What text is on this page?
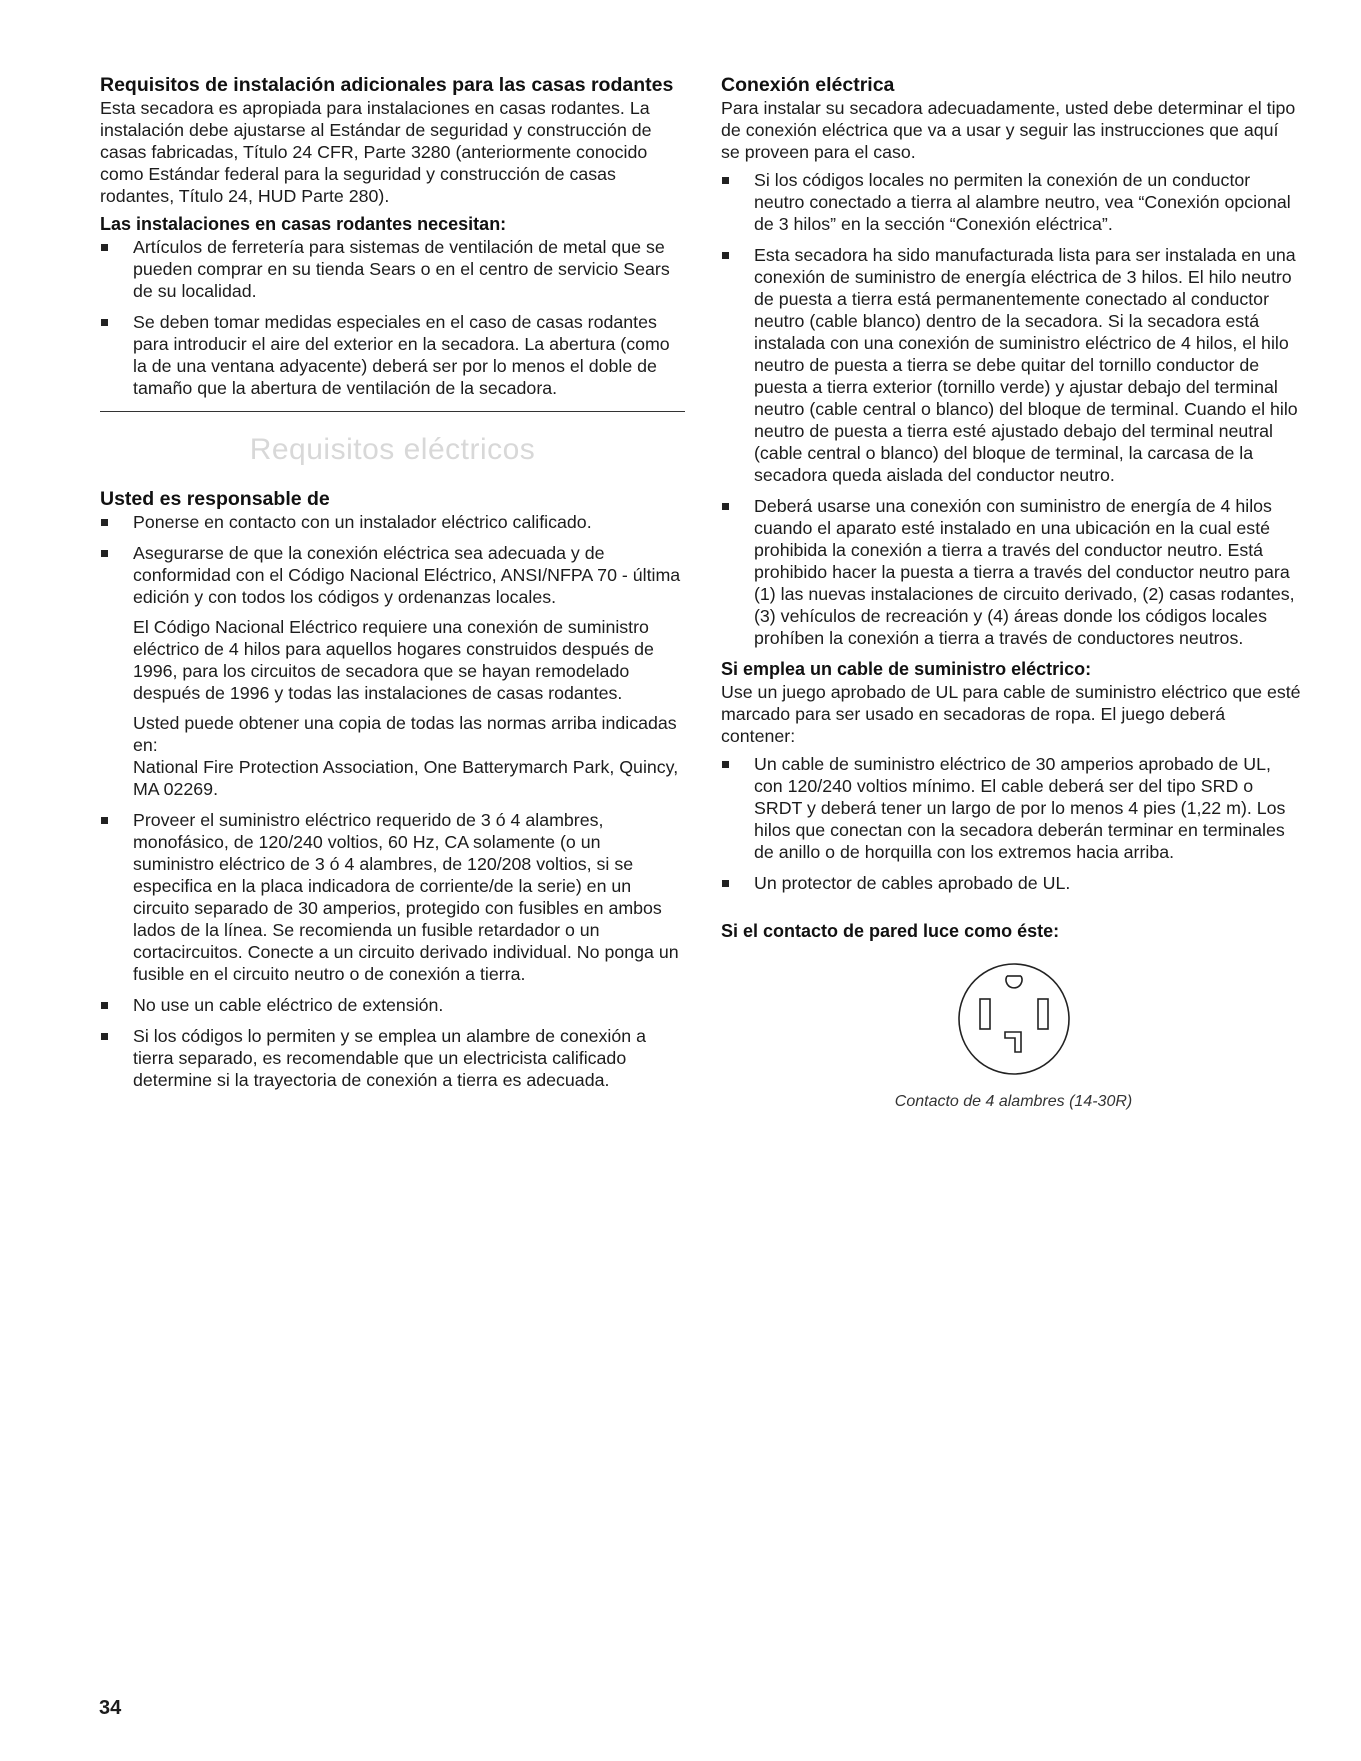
Requisitos de instalación adicionales para las casas rodantes

Esta secadora es apropiada para instalaciones en casas rodantes. La instalación debe ajustarse al Estándar de seguridad y construcción de casas fabricadas, Título 24 CFR, Parte 3280 (anteriormente conocido como Estándar federal para la seguridad y construcción de casas rodantes, Título 24, HUD Parte 280).

Las instalaciones en casas rodantes necesitan:
Artículos de ferretería para sistemas de ventilación de metal que se pueden comprar en su tienda Sears o en el centro de servicio Sears de su localidad.
Se deben tomar medidas especiales en el caso de casas rodantes para introducir el aire del exterior en la secadora. La abertura (como la de una ventana adyacente) deberá ser por lo menos el doble de tamaño que la abertura de ventilación de la secadora.
Requisitos eléctricos
Usted es responsable de
Ponerse en contacto con un instalador eléctrico calificado.
Asegurarse de que la conexión eléctrica sea adecuada y de conformidad con el Código Nacional Eléctrico, ANSI/NFPA 70 - última edición y con todos los códigos y ordenanzas locales.

El Código Nacional Eléctrico requiere una conexión de suministro eléctrico de 4 hilos para aquellos hogares construidos después de 1996, para los circuitos de secadora que se hayan remodelado después de 1996 y todas las instalaciones de casas rodantes.

Usted puede obtener una copia de todas las normas arriba indicadas en:
National Fire Protection Association, One Batterymarch Park, Quincy, MA 02269.

Proveer el suministro eléctrico requerido de 3 ó 4 alambres, monofásico, de 120/240 voltios, 60 Hz, CA solamente (o un suministro eléctrico de 3 ó 4 alambres, de 120/208 voltios, si se especifica en la placa indicadora de corriente/de la serie) en un circuito separado de 30 amperios, protegido con fusibles en ambos lados de la línea. Se recomienda un fusible retardador o un cortacircuitos. Conecte a un circuito derivado individual. No ponga un fusible en el circuito neutro o de conexión a tierra.
No use un cable eléctrico de extensión.
Si los códigos lo permiten y se emplea un alambre de conexión a tierra separado, es recomendable que un electricista calificado determine si la trayectoria de conexión a tierra es adecuada.
Conexión eléctrica

Para instalar su secadora adecuadamente, usted debe determinar el tipo de conexión eléctrica que va a usar y seguir las instrucciones que aquí se proveen para el caso.

Si los códigos locales no permiten la conexión de un conductor neutro conectado a tierra al alambre neutro, vea “Conexión opcional de 3 hilos” en la sección “Conexión eléctrica”.
Esta secadora ha sido manufacturada lista para ser instalada en una conexión de suministro de energía eléctrica de 3 hilos. El hilo neutro de puesta a tierra está permanentemente conectado al conductor neutro (cable blanco) dentro de la secadora. Si la secadora está instalada con una conexión de suministro eléctrico de 4 hilos, el hilo neutro de puesta a tierra se debe quitar del tornillo conductor de puesta a tierra exterior (tornillo verde) y ajustar debajo del terminal neutro (cable central o blanco) del bloque de terminal. Cuando el hilo neutro de puesta a tierra esté ajustado debajo del terminal neutral (cable central o blanco) del bloque de terminal, la carcasa de la secadora queda aislada del conductor neutro.
Deberá usarse una conexión con suministro de energía de 4 hilos cuando el aparato esté instalado en una ubicación en la cual esté prohibida la conexión a tierra a través del conductor neutro. Está prohibido hacer la puesta a tierra a través del conductor neutro para (1) las nuevas instalaciones de circuito derivado, (2) casas rodantes, (3) vehículos de recreación y (4) áreas donde los códigos locales prohíben la conexión a tierra a través de conductores neutros.
Si emplea un cable de suministro eléctrico:

Use un juego aprobado de UL para cable de suministro eléctrico que esté marcado para ser usado en secadoras de ropa. El juego deberá contener:

Un cable de suministro eléctrico de 30 amperios aprobado de UL, con 120/240 voltios mínimo. El cable deberá ser del tipo SRD o SRDT y deberá tener un largo de por lo menos 4 pies (1,22 m). Los hilos que conectan con la secadora deberán terminar en terminales de anillo o de horquilla con los extremos hacia arriba.
Un protector de cables aprobado de UL.
Si el contacto de pared luce como éste:
Contacto de 4 alambres (14-30R)
34
